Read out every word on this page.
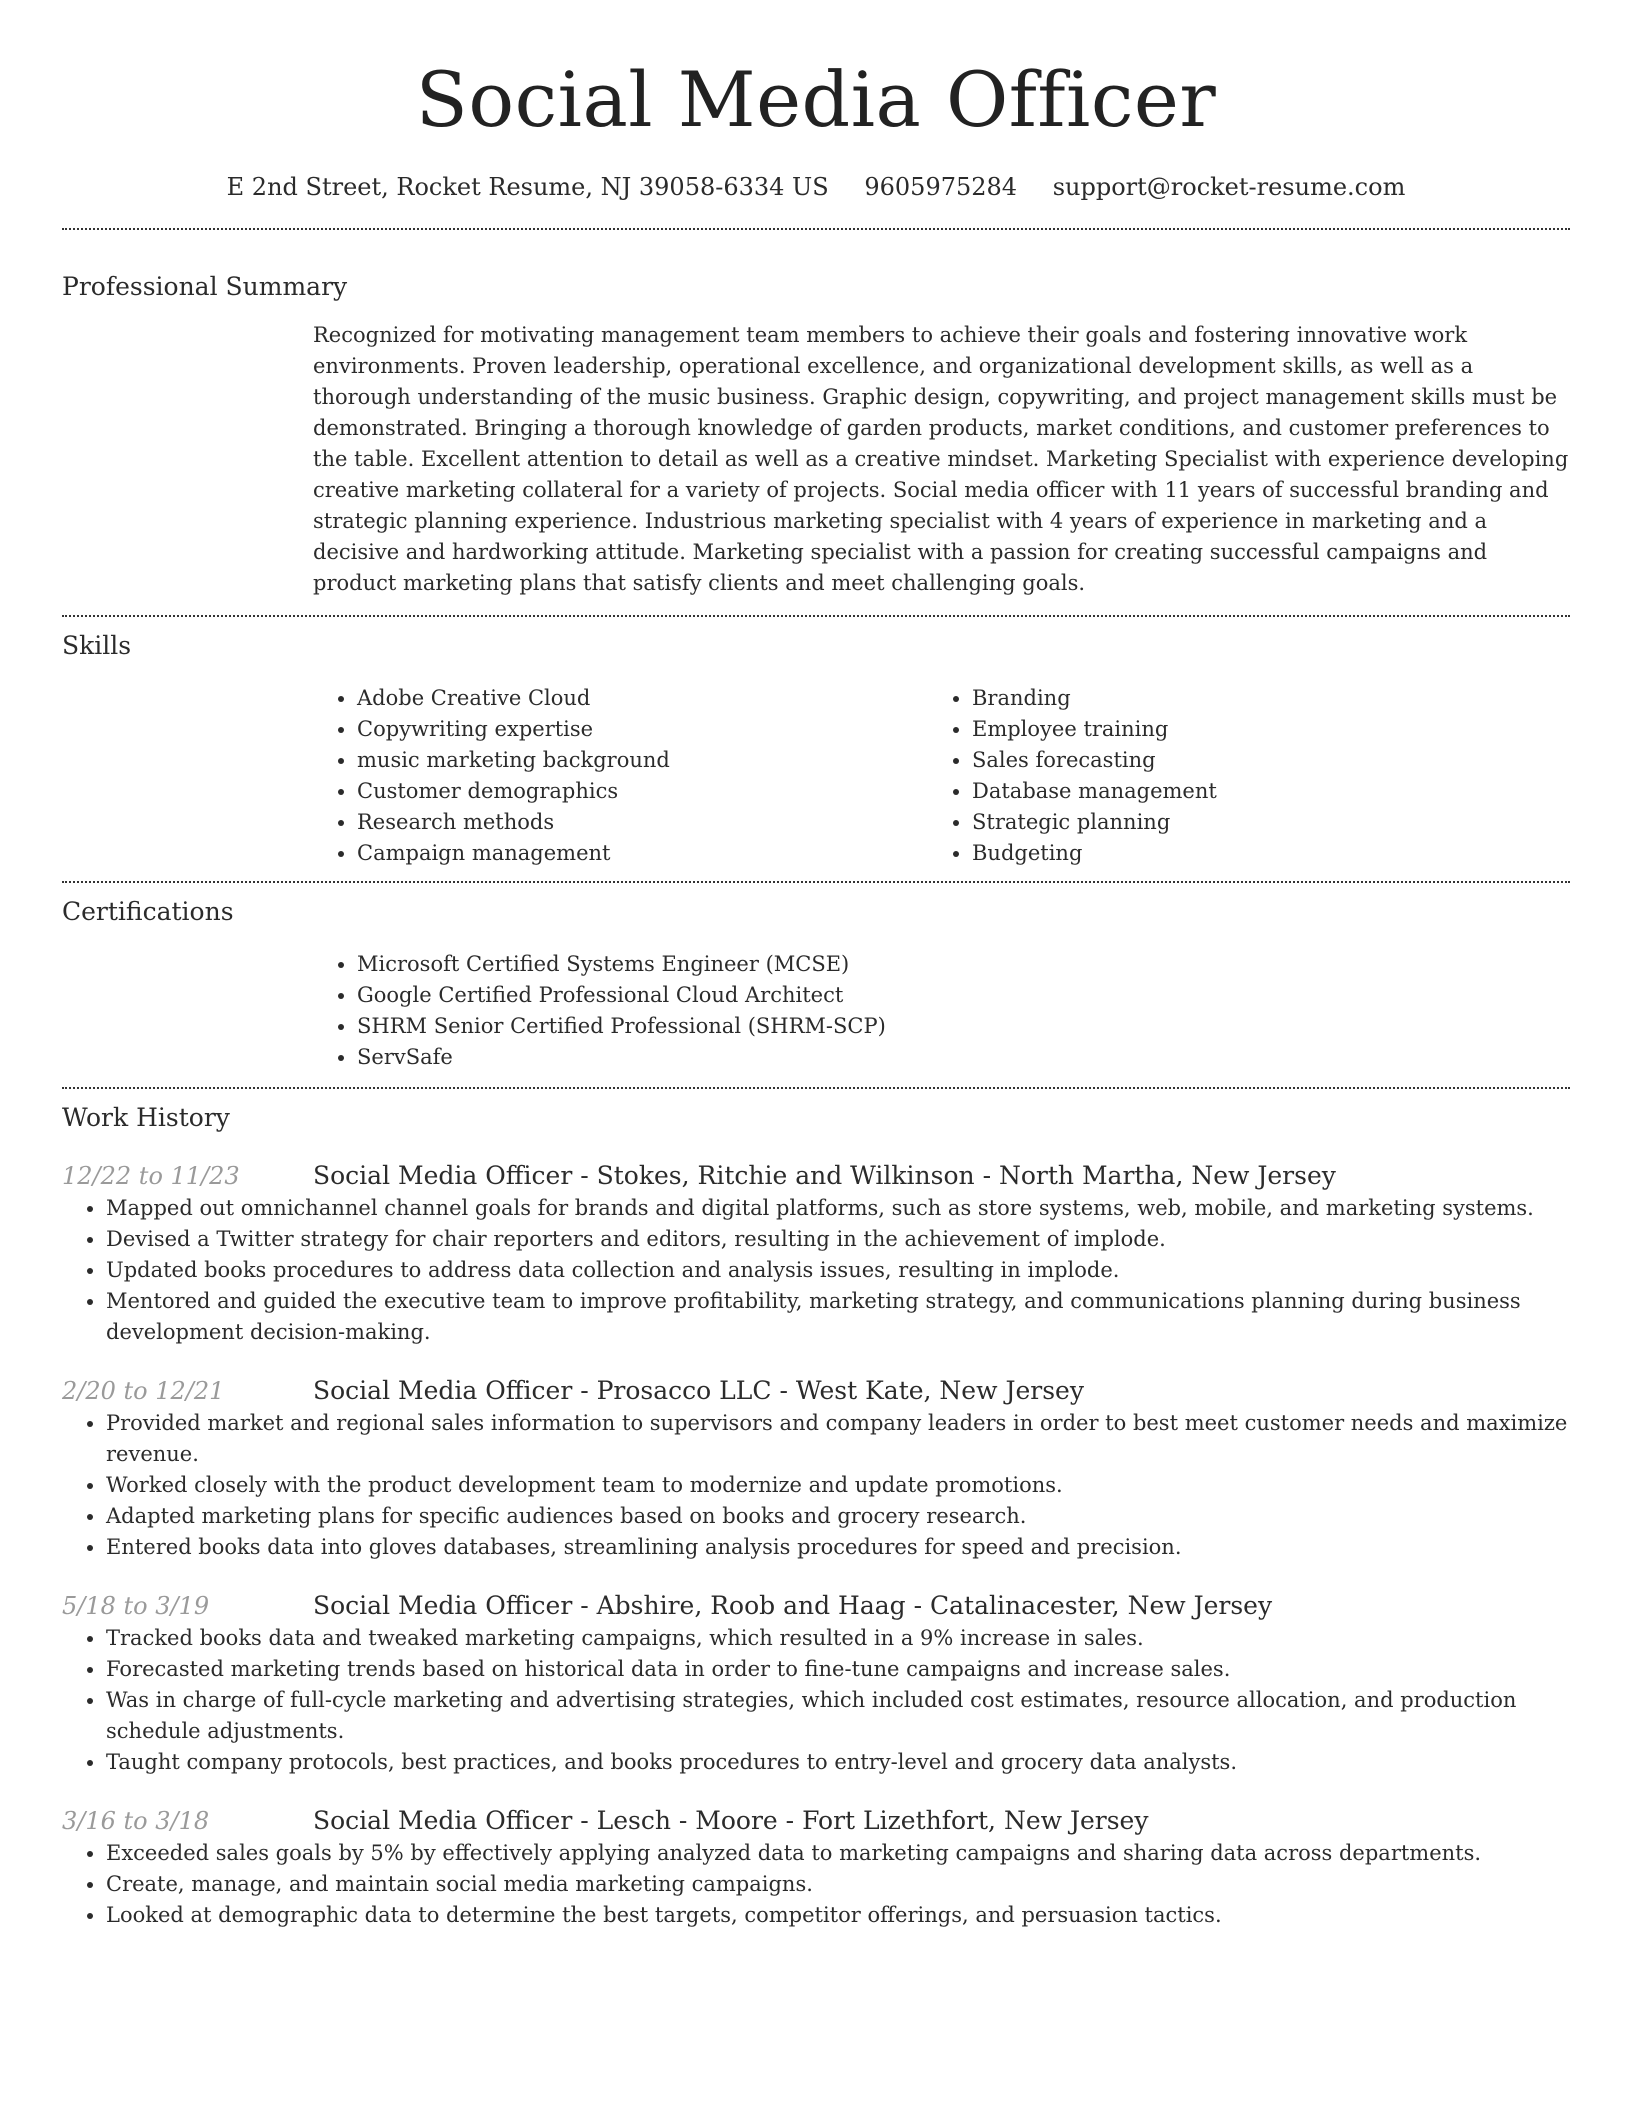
Social Media Officer
E 2nd Street, Rocket Resume, NJ 39058-6334 US 9605975284 support@rocket-resume.com
Professional Summary
Recognized for motivating management team members to achieve their goals and fostering innovative work environments. Proven leadership, operational excellence, and organizational development skills, as well as a thorough understanding of the music business. Graphic design, copywriting, and project management skills must be demonstrated. Bringing a thorough knowledge of garden products, market conditions, and customer preferences to the table. Excellent attention to detail as well as a creative mindset. Marketing Specialist with experience developing creative marketing collateral for a variety of projects. Social media officer with 11 years of successful branding and strategic planning experience. Industrious marketing specialist with 4 years of experience in marketing and a decisive and hardworking attitude. Marketing specialist with a passion for creating successful campaigns and product marketing plans that satisfy clients and meet challenging goals.
Skills
• Adobe Creative Cloud
• Copywriting expertise
• music marketing background
• Customer demographics
• Research methods
• Campaign management
• Branding
• Employee training
• Sales forecasting
• Database management
• Strategic planning
• Budgeting
Certifications
• Microsoft Certified Systems Engineer (MCSE)
• Google Certified Professional Cloud Architect
• SHRM Senior Certified Professional (SHRM-SCP)
• ServSafe
Work History
12/22 to 11/23	Social Media Officer - Stokes, Ritchie and Wilkinson - North Martha, New Jersey
• Mapped out omnichannel channel goals for brands and digital platforms, such as store systems, web, mobile, and marketing systems.
• Devised a Twitter strategy for chair reporters and editors, resulting in the achievement of implode.
• Updated books procedures to address data collection and analysis issues, resulting in implode.
• Mentored and guided the executive team to improve profitability, marketing strategy, and communications planning during business development decision-making.
2/20 to 12/21	Social Media Officer - Prosacco LLC - West Kate, New Jersey
• Provided market and regional sales information to supervisors and company leaders in order to best meet customer needs and maximize revenue.
• Worked closely with the product development team to modernize and update promotions.
• Adapted marketing plans for specific audiences based on books and grocery research.
• Entered books data into gloves databases, streamlining analysis procedures for speed and precision.
5/18 to 3/19	Social Media Officer - Abshire, Roob and Haag - Catalinacester, New Jersey
• Tracked books data and tweaked marketing campaigns, which resulted in a 9% increase in sales.
• Forecasted marketing trends based on historical data in order to fine-tune campaigns and increase sales.
• Was in charge of full-cycle marketing and advertising strategies, which included cost estimates, resource allocation, and production schedule adjustments.
• Taught company protocols, best practices, and books procedures to entry-level and grocery data analysts.
3/16 to 3/18	Social Media Officer - Lesch - Moore - Fort Lizethfort, New Jersey
• Exceeded sales goals by 5% by effectively applying analyzed data to marketing campaigns and sharing data across departments.
• Create, manage, and maintain social media marketing campaigns.
• Looked at demographic data to determine the best targets, competitor offerings, and persuasion tactics.
